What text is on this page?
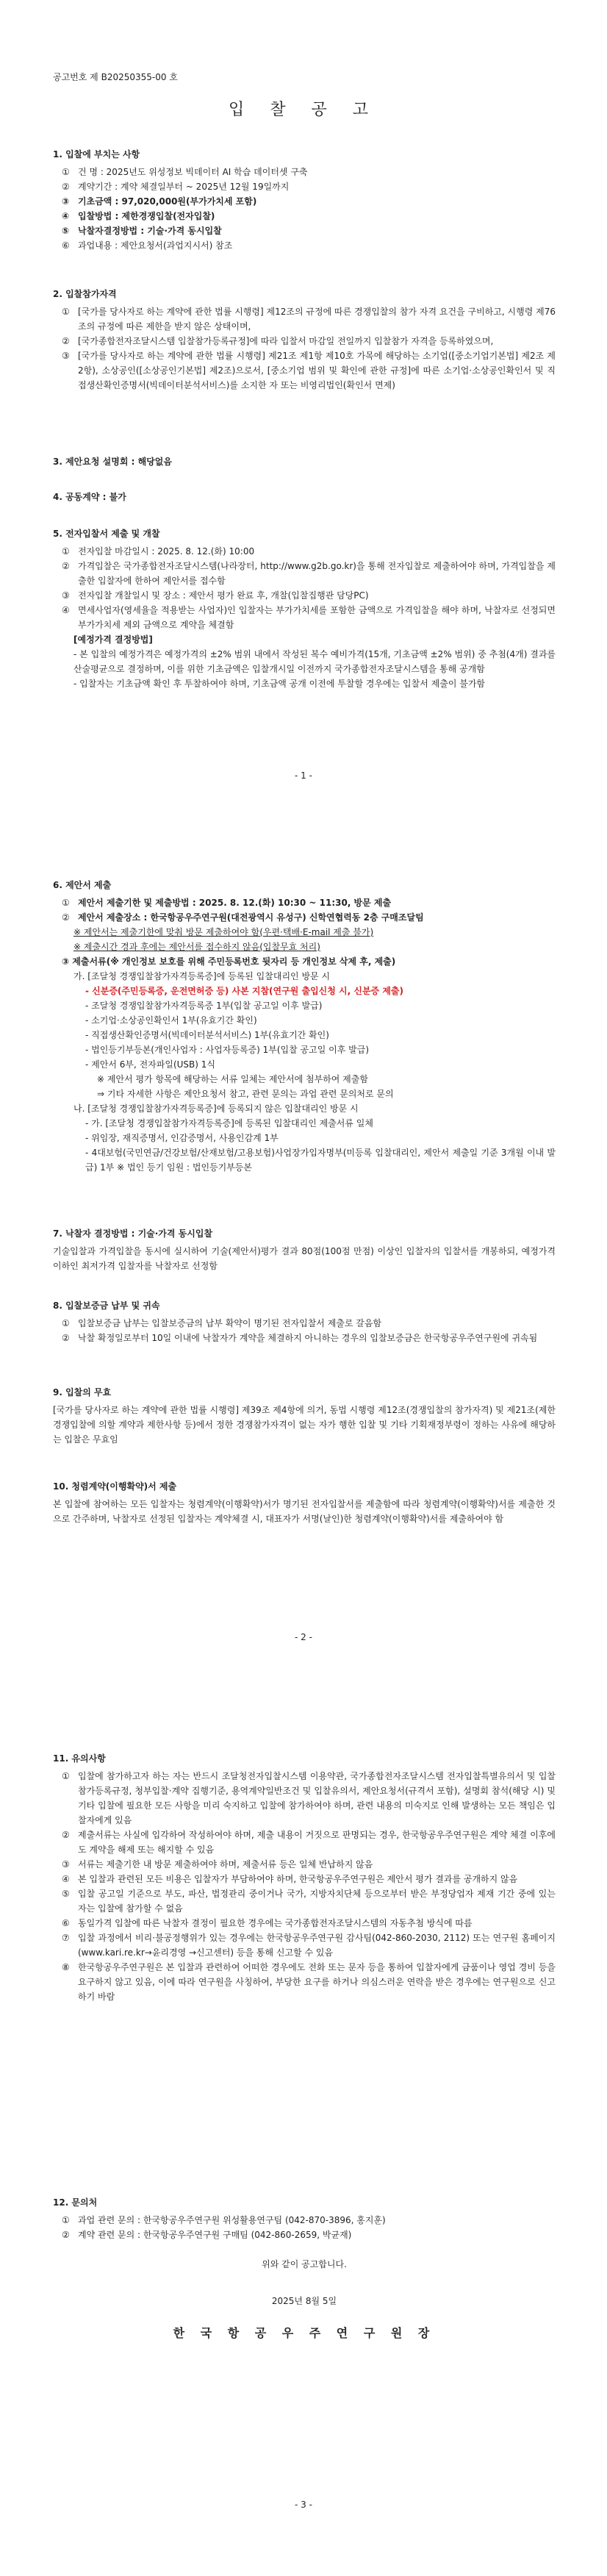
공고번호 제 B20250355-00 호
입 찰 공 고
1. 입찰에 부치는 사항
① 건 명 : 2025년도 위성정보 빅데이터 AI 학습 데이터셋 구축
② 계약기간 : 계약 체결일부터 ~ 2025년 12월 19일까지
③ 기초금액 : 97,020,000원(부가가치세 포함)
④ 입찰방법 : 제한경쟁입찰(전자입찰)
⑤ 낙찰자결정방법 : 기술·가격 동시입찰
⑥ 과업내용 : 제안요청서(과업지시서) 참조
2. 입찰참가자격
① [국가를 당사자로 하는 계약에 관한 법률 시행령] 제12조의 규정에 따른 경쟁입찰의 참가 자격 요건을 구비하고, 시행령 제76조의 규정에 따른 제한을 받지 않은 상태이며,
② [국가종합전자조달시스템 입찰참가등록규정]에 따라 입찰서 마감일 전일까지 입찰참가 자격을 등록하였으며,
③ [국가를 당사자로 하는 계약에 관한 법률 시행령] 제21조 제1항 제10호 가목에 해당하는 소기업([중소기업기본법] 제2조 제2항), 소상공인([소상공인기본법] 제2조)으로서, [중소기업 범위 및 확인에 관한 규정]에 따른 소기업·소상공인확인서 및 직접생산확인증명서(빅데이터분석서비스)를 소지한 자 또는 비영리법인(확인서 면제)
3. 제안요청 설명회 : 해당없음
4. 공동계약 : 불가
5. 전자입찰서 제출 및 개찰
① 전자입찰 마감일시 : 2025. 8. 12.(화) 10:00
② 가격입찰은 국가종합전자조달시스템(나라장터, http://www.g2b.go.kr)을 통해 전자입찰로 제출하여야 하며, 가격입찰을 제출한 입찰자에 한하여 제안서를 접수함
③ 전자입찰 개찰일시 및 장소 : 제안서 평가 완료 후, 개찰(입찰집행관 담당PC)
④ 면세사업자(영세율을 적용받는 사업자)인 입찰자는 부가가치세를 포함한 금액으로 가격입찰을 해야 하며, 낙찰자로 선정되면 부가가치세 제외 금액으로 계약을 체결함
[예정가격 결정방법]
- 본 입찰의 예정가격은 예정가격의 ±2% 범위 내에서 작성된 복수 예비가격(15개, 기초금액 ±2% 범위) 중 추첨(4개) 결과를 산술평균으로 결정하며, 이를 위한 기초금액은 입찰개시일 이전까지 국가종합전자조달시스템을 통해 공개함
- 입찰자는 기초금액 확인 후 투찰하여야 하며, 기초금액 공개 이전에 투찰할 경우에는 입찰서 제출이 불가함
- 1 -
6. 제안서 제출
① 제안서 제출기한 및 제출방법 : 2025. 8. 12.(화) 10:30 ~ 11:30, 방문 제출
② 제안서 제출장소 : 한국항공우주연구원(대전광역시 유성구) 신학연협력동 2층 구매조달팀
※ 제안서는 제출기한에 맞춰 방문 제출하여야 함(우편·택배·E-mail 제출 불가)
※ 제출시간 경과 후에는 제안서를 접수하지 않음(입찰무효 처리)
③ 제출서류(※ 개인정보 보호를 위해 주민등록번호 뒷자리 등 개인정보 삭제 후, 제출)
가. [조달청 경쟁입찰참가자격등록증]에 등록된 입찰대리인 방문 시
- 신분증(주민등록증, 운전면허증 등) 사본 지참(연구원 출입신청 시, 신분증 제출)
- 조달청 경쟁입찰참가자격등록증 1부(입찰 공고일 이후 발급)
- 소기업·소상공인확인서 1부(유효기간 확인)
- 직접생산확인증명서(빅데이터분석서비스) 1부(유효기간 확인)
- 법인등기부등본(개인사업자 : 사업자등록증) 1부(입찰 공고일 이후 발급)
- 제안서 6부, 전자파일(USB) 1식
※ 제안서 평가 항목에 해당하는 서류 일체는 제안서에 첨부하여 제출함
⇒ 기타 자세한 사항은 제안요청서 참고, 관련 문의는 과업 관련 문의처로 문의
나. [조달청 경쟁입찰참가자격등록증]에 등록되지 않은 입찰대리인 방문 시
- 가. [조달청 경쟁입찰참가자격등록증]에 등록된 입찰대리인 제출서류 일체
- 위임장, 재직증명서, 인감증명서, 사용인감계 1부
- 4대보험(국민연금/건강보험/산재보험/고용보험)사업장가입자명부(미등록 입찰대리인, 제안서 제출일 기준 3개월 이내 발급) 1부 ※ 법인 등기 임원 : 법인등기부등본
7. 낙찰자 결정방법 : 기술·가격 동시입찰
기술입찰과 가격입찰을 동시에 실시하여 기술(제안서)평가 결과 80점(100점 만점) 이상인 입찰자의 입찰서를 개봉하되, 예정가격 이하인 최저가격 입찰자를 낙찰자로 선정함
8. 입찰보증금 납부 및 귀속
① 입찰보증금 납부는 입찰보증금의 납부 확약이 명기된 전자입찰서 제출로 갈음함
② 낙찰 확정일로부터 10일 이내에 낙찰자가 계약을 체결하지 아니하는 경우의 입찰보증금은 한국항공우주연구원에 귀속됨
9. 입찰의 무효
[국가를 당사자로 하는 계약에 관한 법률 시행령] 제39조 제4항에 의거, 동법 시행령 제12조(경쟁입찰의 참가자격) 및 제21조(제한경쟁입찰에 의할 계약과 제한사항 등)에서 정한 경쟁참가자격이 없는 자가 행한 입찰 및 기타 기획재정부령이 정하는 사유에 해당하는 입찰은 무효임
10. 청렴계약(이행확약)서 제출
본 입찰에 참여하는 모든 입찰자는 청렴계약(이행확약)서가 명기된 전자입찰서를 제출함에 따라 청렴계약(이행확약)서를 제출한 것으로 간주하며, 낙찰자로 선정된 입찰자는 계약체결 시, 대표자가 서명(날인)한 청렴계약(이행확약)서를 제출하여야 함
- 2 -
11. 유의사항
① 입찰에 참가하고자 하는 자는 반드시 조달청전자입찰시스템 이용약관, 국가종합전자조달시스템 전자입찰특별유의서 및 입찰참가등록규정, 청부입찰·계약 집행기준, 용역계약일반조건 및 입찰유의서, 제안요청서(규격서 포함), 설명회 참석(해당 시) 및 기타 입찰에 필요한 모든 사항을 미리 숙지하고 입찰에 참가하여야 하며, 관련 내용의 미숙지로 인해 발생하는 모든 책임은 입찰자에게 있음
② 제출서류는 사실에 입각하여 작성하여야 하며, 제출 내용이 거짓으로 판명되는 경우, 한국항공우주연구원은 계약 체결 이후에도 계약을 해제 또는 해지할 수 있음
③ 서류는 제출기한 내 방문 제출하여야 하며, 제출서류 등은 일체 반납하지 않음
④ 본 입찰과 관련된 모든 비용은 입찰자가 부담하여야 하며, 한국항공우주연구원은 제안서 평가 결과를 공개하지 않음
⑤ 입찰 공고일 기준으로 부도, 파산, 법정관리 중이거나 국가, 지방자치단체 등으로부터 받은 부정당업자 제재 기간 중에 있는 자는 입찰에 참가할 수 없음
⑥ 동일가격 입찰에 따른 낙찰자 결정이 필요한 경우에는 국가종합전자조달시스템의 자동추첨 방식에 따름
⑦ 입찰 과정에서 비리·불공정행위가 있는 경우에는 한국항공우주연구원 감사팀(042-860-2030, 2112) 또는 연구원 홈페이지(www.kari.re.kr→윤리경영 →신고센터) 등을 통해 신고할 수 있음
⑧ 한국항공우주연구원은 본 입찰과 관련하여 어떠한 경우에도 전화 또는 문자 등을 통하여 입찰자에게 금품이나 영업 경비 등을 요구하지 않고 있음, 이에 따라 연구원을 사칭하여, 부당한 요구를 하거나 의심스러운 연락을 받은 경우에는 연구원으로 신고하기 바람
12. 문의처
① 과업 관련 문의 : 한국항공우주연구원 위성활용연구팀 (042-870-3896, 홍지훈)
② 계약 관련 문의 : 한국항공우주연구원 구매팀 (042-860-2659, 박균재)
위와 같이 공고합니다.
2025년 8월 5일
한 국 항 공 우 주 연 구 원 장
- 3 -
